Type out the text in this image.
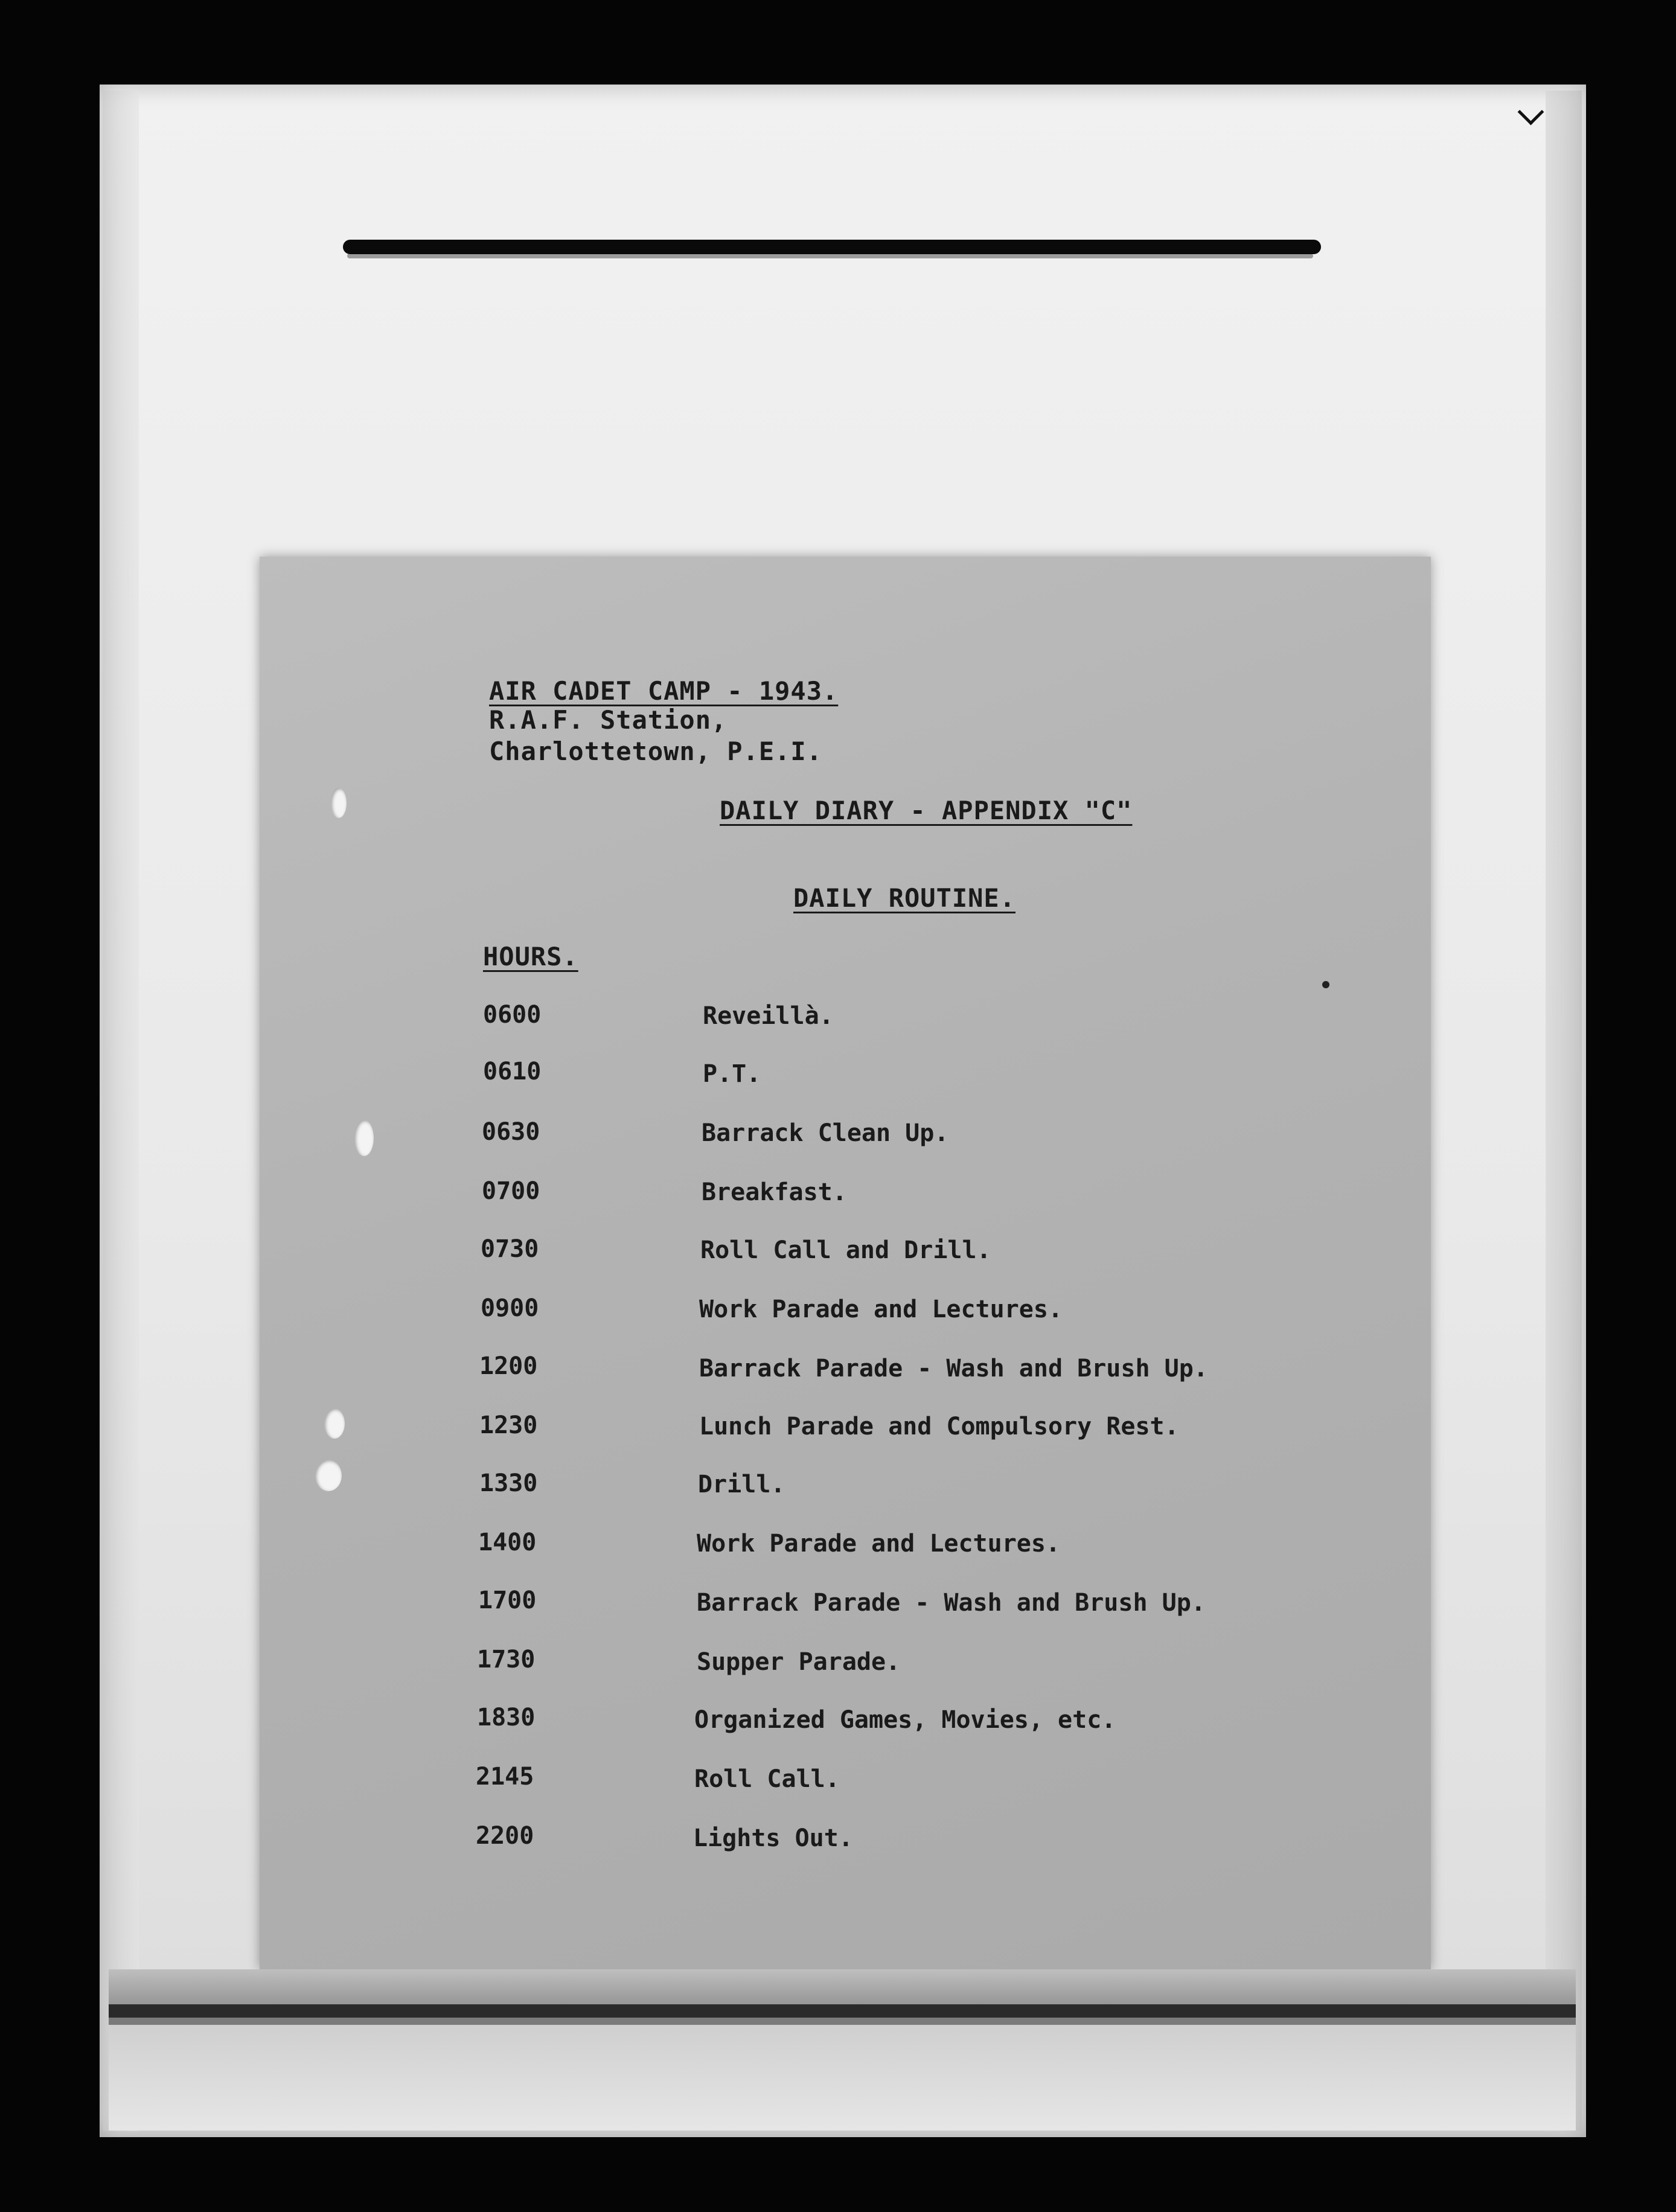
AIR CADET CAMP - 1943.
R.A.F. Station,
Charlottetown, P.E.I.
DAILY DIARY - APPENDIX "C"
DAILY ROUTINE.
HOURS.
0600	Reveillà.
0610	P.T.
0630	Barrack Clean Up.
0700	Breakfast.
0730	Roll Call and Drill.
0900	Work Parade and Lectures.
1200	Barrack Parade - Wash and Brush Up.
1230	Lunch Parade and Compulsory Rest.
1330	Drill.
1400	Work Parade and Lectures.
1700	Barrack Parade - Wash and Brush Up.
1730	Supper Parade.
1830	Organized Games, Movies, etc.
2145	Roll Call.
2200	Lights Out.
